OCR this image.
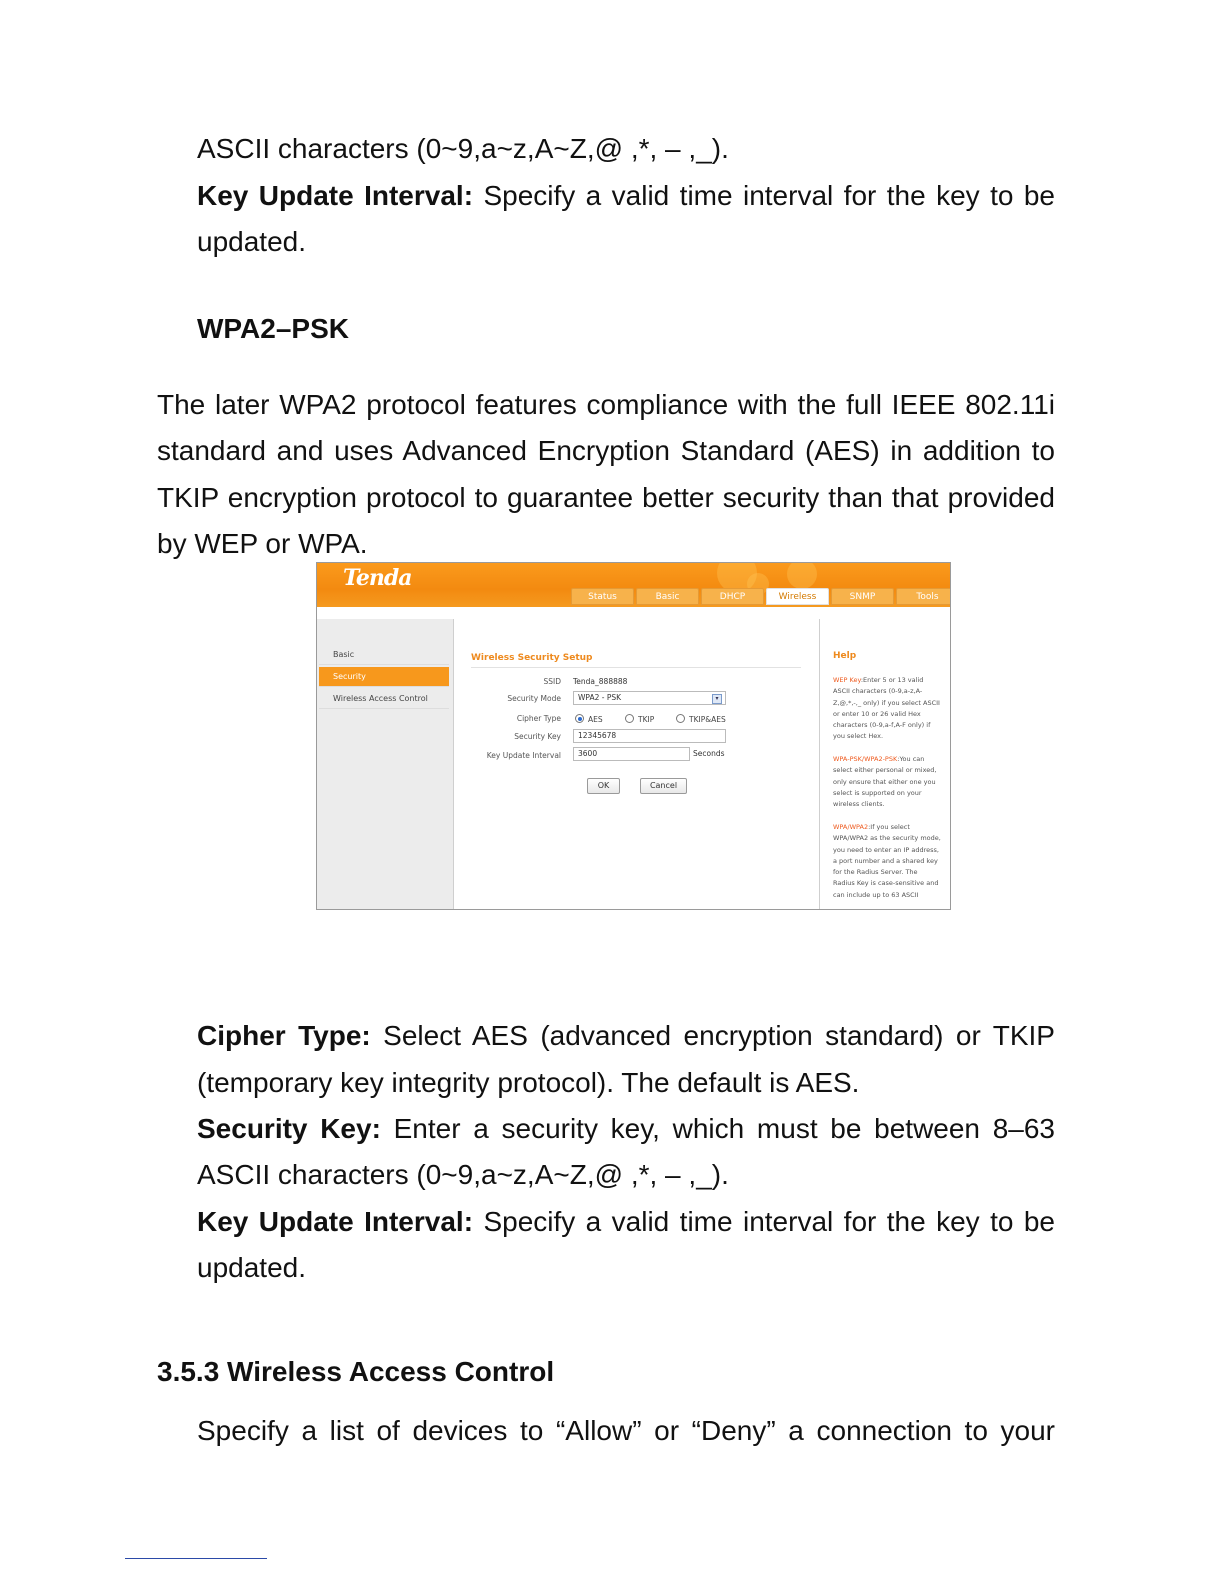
ASCII characters (0~9,a~z,A~Z,@ ,*, – ,_).

Key Update Interval: Specify a valid time interval for the key to be

updated.

WPA2–PSK

The later WPA2 protocol features compliance with the full IEEE 802.11i

standard and uses Advanced Encryption Standard (AES) in addition to

TKIP encryption protocol to guarantee better security than that provided

by WEP or WPA.

Tenda
Status	Basic	DHCP	Wireless	SNMP	Tools
Basic
Security
Wireless Access Control
Wireless Security Setup
SSID Tenda_888888
Security Mode	WPA2 - PSK	▾
Cipher Type	AES	TKIP	TKIP&AES
Security Key	12345678
Key Update Interval	3600	Seconds
OK	Cancel
Help
WEP Key:Enter 5 or 13 valid ASCII characters (0-9,a-z,A-Z,@,*,-,_ only) if you select ASCII or enter 10 or 26 valid Hex characters (0-9,a-f,A-F only) if you select Hex.
WPA-PSK/WPA2-PSK:You can select either personal or mixed, only ensure that either one you select is supported on your wireless clients.
WPA/WPA2:If you select WPA/WPA2 as the security mode, you need to enter an IP address, a port number and a shared key for the Radius Server. The Radius Key is case-sensitive and can include up to 63 ASCII

Cipher Type: Select AES (advanced encryption standard) or TKIP

(temporary key integrity protocol). The default is AES.

Security Key: Enter a security key, which must be between 8–63

ASCII characters (0~9,a~z,A~Z,@ ,*, – ,_).

Key Update Interval: Specify a valid time interval for the key to be

updated.

3.5.3 Wireless Access Control

Specify a list of devices to “Allow” or “Deny” a connection to your
